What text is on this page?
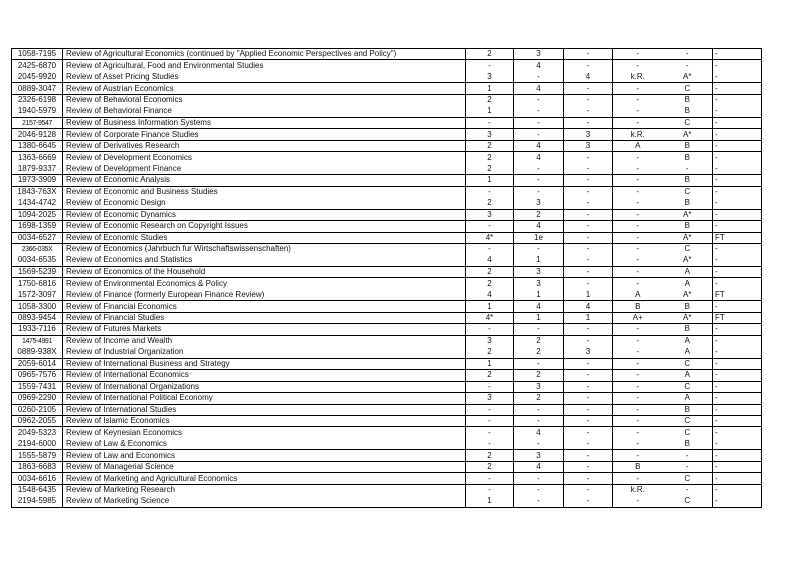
1058-7195	Review of Agricultural Economics (continued by "Applied Economic Perspectives and Policy")	2	3	-	-	-	-
2425-6870	Review of Agricultural, Food and Environmental Studies	-	4	-	-	-	-
2045-9920	Review of Asset Pricing Studies	3	-	4	k.R.	A*	-
0889-3047	Review of Austrian Economics	1	4	-	-	C	-
2326-6198	Review of Behavioral Economics	2	-	-	-	B	-
1940-5979	Review of Behavioral Finance	1	-	-	-	B	-
2157-9547	Review of Business Information Systems	-	-	-	-	C	-
2046-9128	Review of Corporate Finance Studies	3	-	3	k.R.	A*	-
1380-6645	Review of Derivatives Research	2	4	3	A	B	-
1363-6669	Review of Development Economics	2	4	-	-	B	-
1879-9337	Review of Development Finance	2	-	-	-	-	-
1973-3909	Review of Economic Analysis	1	-	-	-	B	-
1843-763X	Review of Economic and Business Studies	-	-	-	-	C	-
1434-4742	Review of Economic Design	2	3	-	-	B	-
1094-2025	Review of Economic Dynamics	3	2	-	-	A*	-
1698-1359	Review of Economic Research on Copyright Issues	-	4	-	-	B	-
0034-6527	Review of Economic Studies	4*	1e	-	-	A*	FT
2366-035X	Review of Economics (Jahrbuch fur Wirtschaftswissenschaften)	-	-	-	-	C	-
0034-6535	Review of Economics and Statistics	4	1	-	-	A*	-
1569-5239	Review of Economics of the Household	2	3	-	-	A	-
1750-6816	Review of Environmental Economics & Policy	2	3	-	-	A	-
1572-3097	Review of Finance (formerly European Finance Review)	4	1	1	A	A*	FT
1058-3300	Review of Financial Economics	1	4	4	B	B	-
0893-9454	Review of Financial Studies	4*	1	1	A+	A*	FT
1933-7116	Review of Futures Markets	-	-	-	-	B	-
1475-4991	Review of Income and Wealth	3	2	-	-	A	-
0889-938X	Review of Industrial Organization	2	2	3	-	A	-
2059-6014	Review of International Business and Strategy	1	-	-	-	C	-
0965-7576	Review of International Economics	2	2	-	-	A	-
1559-7431	Review of International Organizations	-	3	-	-	C	-
0969-2290	Review of International Political Economy	3	2	-	-	A	-
0260-2105	Review of International Studies	-	-	-	-	B	-
0962-2055	Review of Islamic Economics	-	-	-	-	C	-
2049-5323	Review of Keynesian Economics	-	4	-	-	C	-
2194-6000	Review of Law & Economics	-	-	-	-	B	-
1555-5879	Review of Law and Economics	2	3	-	-	-	-
1863-6683	Review of Managerial Science	2	4	-	B	-	-
0034-6616	Review of Marketing and Agricultural Economics	-	-	-	-	C	-
1548-6435	Review of Marketing Research	-	-	-	k.R.	-	-
2194-5985	Review of Marketing Science	1	-	-	-	C	-
